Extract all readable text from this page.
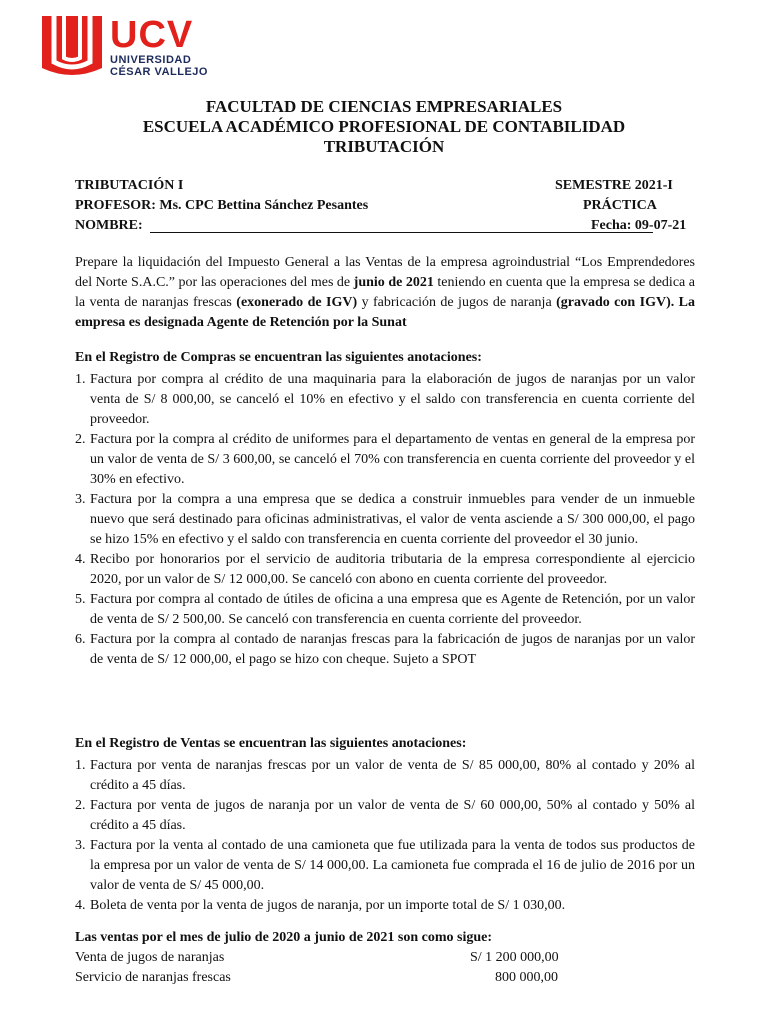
UCV
UNIVERSIDAD
CÉSAR VALLEJO
FACULTAD DE CIENCIAS EMPRESARIALES
ESCUELA ACADÉMICO PROFESIONAL DE CONTABILIDAD
TRIBUTACIÓN
TRIBUTACIÓN I	SEMESTRE 2021-I
PROFESOR: Ms. CPC Bettina Sánchez Pesantes	PRÁCTICA
NOMBRE:	Fecha: 09-07-21
Prepare la liquidación del Impuesto General a las Ventas de la empresa agroindustrial “Los Emprendedores del Norte S.A.C.” por las operaciones del mes de junio de 2021 teniendo en cuenta que la empresa se dedica a la venta de naranjas frescas (exonerado de IGV) y fabricación de jugos de naranja (gravado con IGV). La empresa es designada Agente de Retención por la Sunat
En el Registro de Compras se encuentran las siguientes anotaciones:
1. Factura por compra al crédito de una maquinaria para la elaboración de jugos de naranjas por un valor venta de S/ 8 000,00, se canceló el 10% en efectivo y el saldo con transferencia en cuenta corriente del proveedor.
2. Factura por la compra al crédito de uniformes para el departamento de ventas en general de la empresa por un valor de venta de S/ 3 600,00, se canceló el 70% con transferencia en cuenta corriente del proveedor y el 30% en efectivo.
3. Factura por la compra a una empresa que se dedica a construir inmuebles para vender de un inmueble nuevo que será destinado para oficinas administrativas, el valor de venta asciende a S/ 300 000,00, el pago se hizo 15% en efectivo y el saldo con transferencia en cuenta corriente del proveedor el 30 junio.
4. Recibo por honorarios por el servicio de auditoria tributaria de la empresa correspondiente al ejercicio 2020, por un valor de S/ 12 000,00. Se canceló con abono en cuenta corriente del proveedor.
5. Factura por compra al contado de útiles de oficina a una empresa que es Agente de Retención, por un valor de venta de S/ 2 500,00. Se canceló con transferencia en cuenta corriente del proveedor.
6. Factura por la compra al contado de naranjas frescas para la fabricación de jugos de naranjas por un valor de venta de S/ 12 000,00, el pago se hizo con cheque. Sujeto a SPOT
En el Registro de Ventas se encuentran las siguientes anotaciones:
1. Factura por venta de naranjas frescas por un valor de venta de S/ 85 000,00, 80% al contado y 20% al crédito a 45 días.
2. Factura por venta de jugos de naranja por un valor de venta de S/ 60 000,00, 50% al contado y 50% al crédito a 45 días.
3. Factura por la venta al contado de una camioneta que fue utilizada para la venta de todos sus productos de la empresa por un valor de venta de S/ 14 000,00. La camioneta fue comprada el 16 de julio de 2016 por un valor de venta de S/ 45 000,00.
4. Boleta de venta por la venta de jugos de naranja, por un importe total de S/ 1 030,00.
Las ventas por el mes de julio de 2020 a junio de 2021 son como sigue:
Venta de jugos de naranjas	S/ 1 200 000,00
Servicio de naranjas frescas	800 000,00
